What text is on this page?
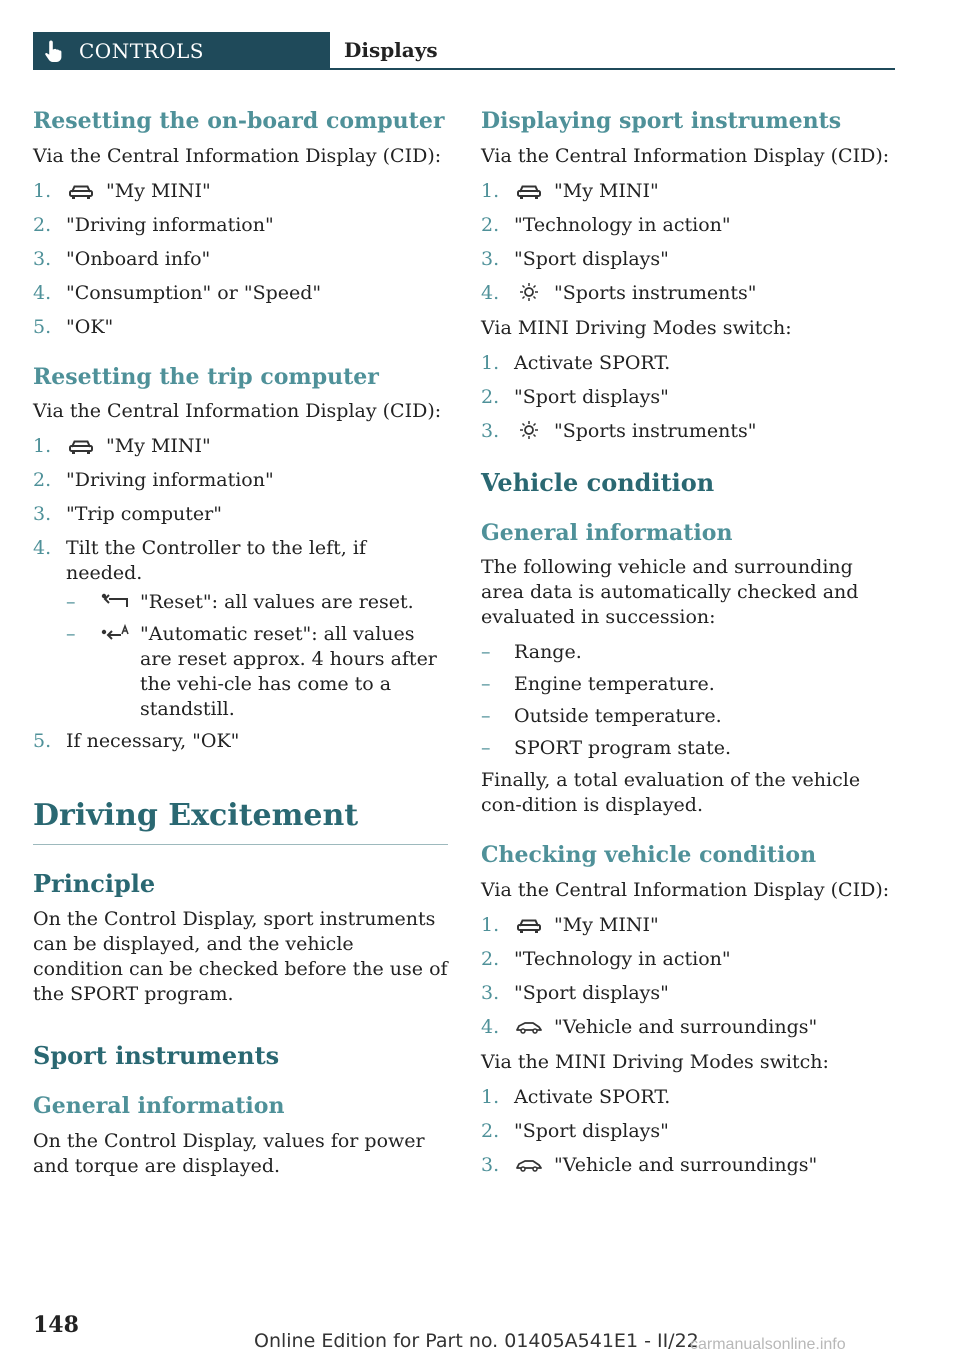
CONTROLS	Displays
Resetting the on-board computer

Via the Central Information Display (CID):

1.	"My MINI"
2. "Driving information"
3. "Onboard info"
4. "Consumption" or "Speed"
5. "OK"
Resetting the trip computer

Via the Central Information Display (CID):

1.	"My MINI"
2. "Driving information"
3. "Trip computer"
4. Tilt the Controller to the left, if needed.
–	"Reset": all values are reset.
–	"Automatic reset": all values are reset approx. 4 hours after the vehi-cle has come to a standstill.
5. If necessary, "OK"
Driving Excitement
Principle

On the Control Display, sport instruments can be displayed, and the vehicle condition can be checked before the use of the SPORT program.

Sport instruments
General information

On the Control Display, values for power and torque are displayed.

Displaying sport instruments

Via the Central Information Display (CID):

1.	"My MINI"
2. "Technology in action"
3. "Sport displays"
4.	"Sports instruments"

Via MINI Driving Modes switch:

1. Activate SPORT.
2. "Sport displays"
3.	"Sports instruments"
Vehicle condition
General information

The following vehicle and surrounding area data is automatically checked and evaluated in succession:

–	Range.
–	Engine temperature.
–	Outside temperature.
–	SPORT program state.

Finally, a total evaluation of the vehicle con-dition is displayed.

Checking vehicle condition

Via the Central Information Display (CID):

1.	"My MINI"
2. "Technology in action"
3. "Sport displays"
4.	"Vehicle and surroundings"

Via the MINI Driving Modes switch:

1. Activate SPORT.
2. "Sport displays"
3.	"Vehicle and surroundings"
148
Online Edition for Part no. 01405A541E1 - II/22
carmanualsonline.info
